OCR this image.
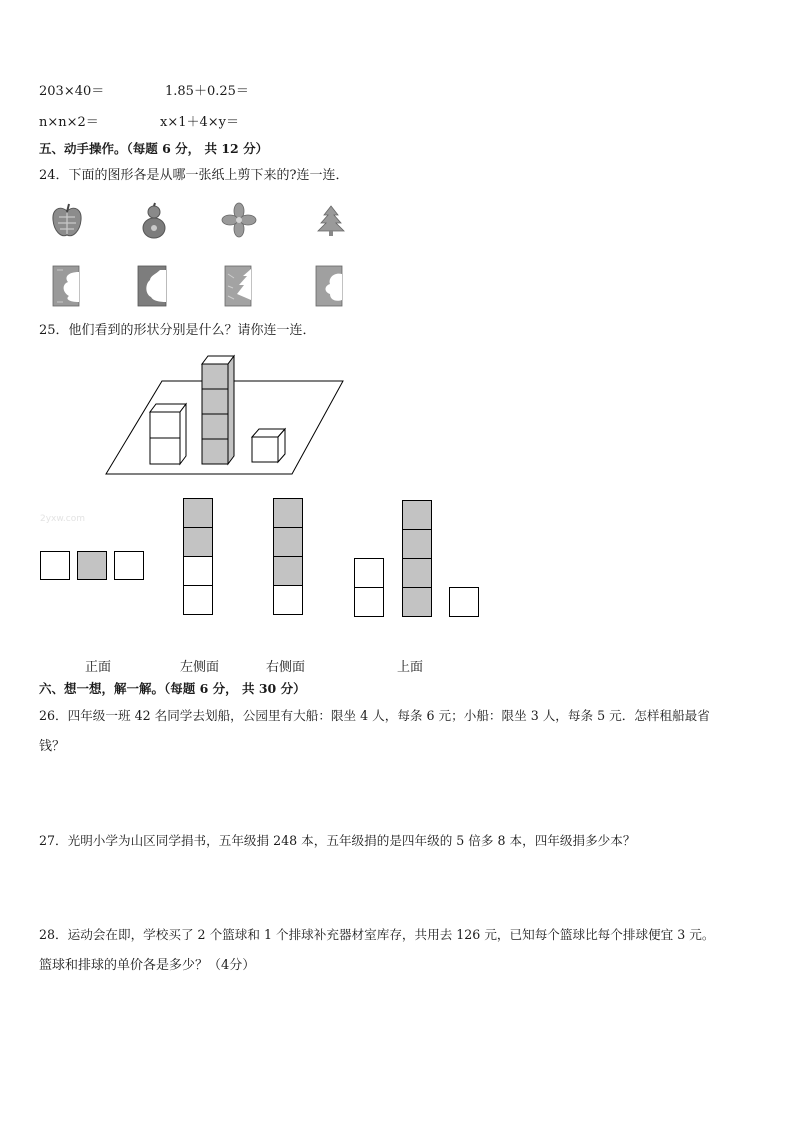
203×40＝	1.85＋0.25＝
n×n×2＝	x×1＋4×y＝
五、动手操作。（每题 6 分， 共 12 分）
24．下面的图形各是从哪一张纸上剪下来的?连一连．
25．他们看到的形状分别是什么？请你连一连．
2yxw.com
正面	左侧面	右侧面	上面
六、想一想，解一解。（每题 6 分， 共 30 分）
26．四年级一班 42 名同学去划船，公园里有大船：限坐 4 人，每条 6 元；小船：限坐 3 人，每条 5 元．怎样租船最省
钱？
27．光明小学为山区同学捐书，五年级捐 248 本，五年级捐的是四年级的 5 倍多 8 本，四年级捐多少本？
28．运动会在即，学校买了 2 个篮球和 1 个排球补充器材室库存，共用去 126 元，已知每个篮球比每个排球便宜 3 元。
篮球和排球的单价各是多少？（4分）
